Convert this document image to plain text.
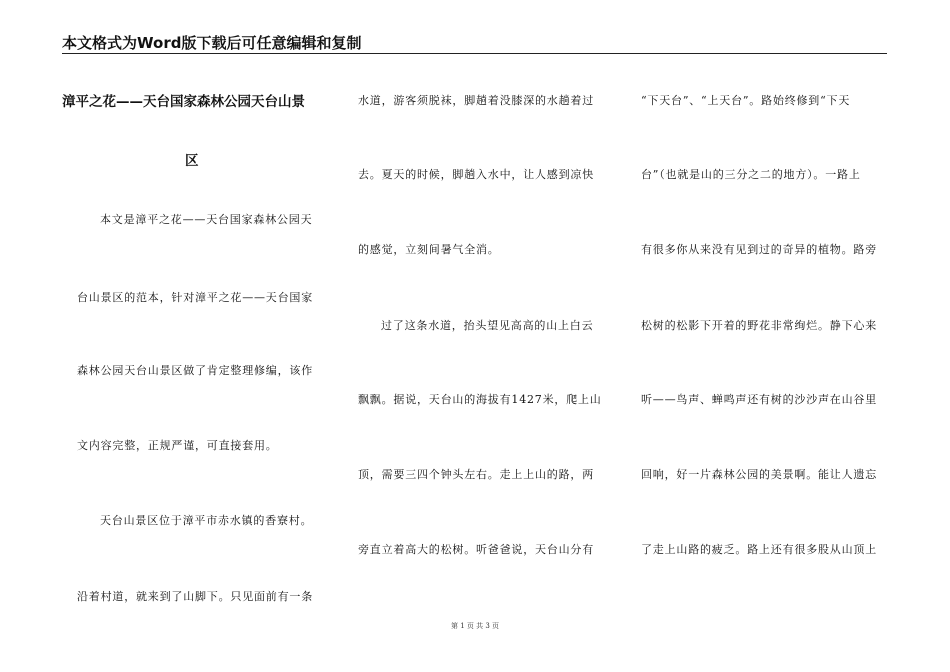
本文格式为Word版下载后可任意编辑和复制
漳平之花——天台国家森林公园天台山景
区
本文是漳平之花——天台国家森林公园天
台山景区的范本，针对漳平之花——天台国家
森林公园天台山景区做了肯定整理修编，该作
文内容完整，正规严谨，可直接套用。
天台山景区位于漳平市赤水镇的香寮村。
沿着村道，就来到了山脚下。只见面前有一条
水道，游客须脱袜，脚趟着没膝深的水趟着过
去。夏天的时候，脚趟入水中，让人感到凉快
的感觉，立刻间暑气全消。
过了这条水道，抬头望见高高的山上白云
飘飘。据说，天台山的海拔有1427米，爬上山
顶，需要三四个钟头左右。走上上山的路，两
旁直立着高大的松树。听爸爸说，天台山分有
“下天台”、“上天台”。路始终修到“下天
台”（也就是山的三分之二的地方）。一路上
有很多你从来没有见到过的奇异的植物。路旁
松树的松影下开着的野花非常绚烂。静下心来
听——鸟声、蝉鸣声还有树的沙沙声在山谷里
回响，好一片森林公园的美景啊。能让人遗忘
了走上山路的疲乏。路上还有很多股从山顶上
第 1 页 共 3 页
